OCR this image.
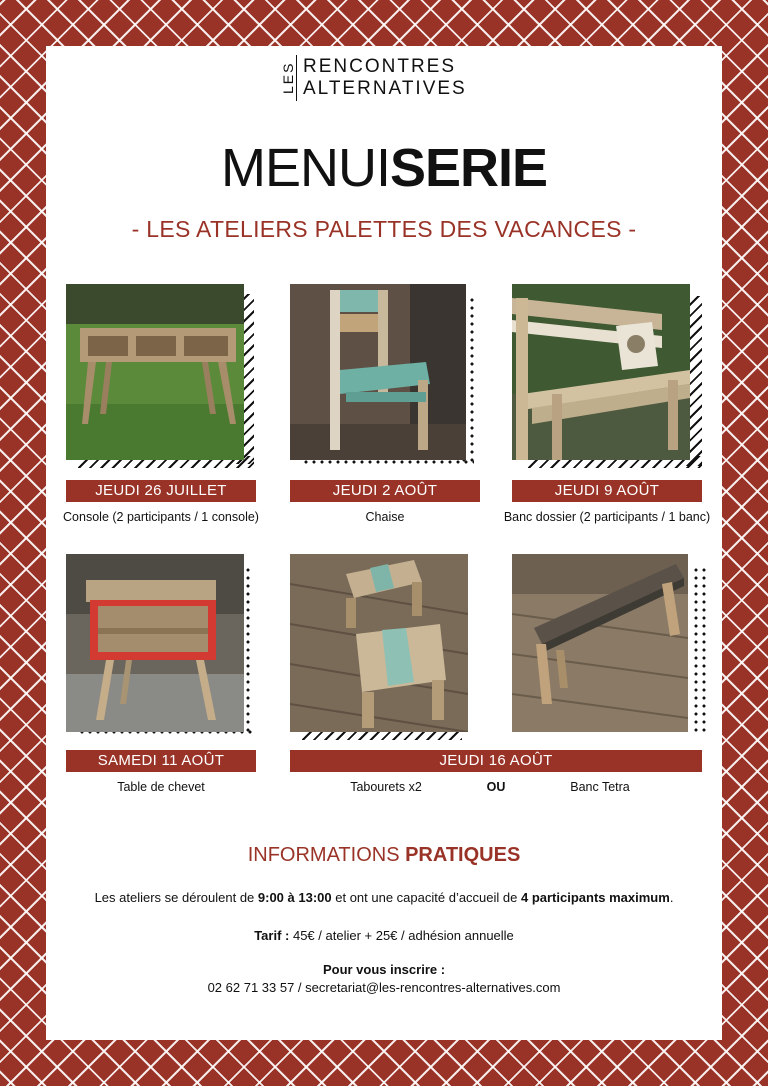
LES RENCONTRES
ALTERNATIVES
MENUISERIE
- LES ATELIERS PALETTES DES VACANCES -
JEUDI 26 JUILLET
Console (2 participants / 1 console)
JEUDI 2 AOÛT
Chaise
JEUDI 9 AOÛT
Banc dossier (2 participants / 1 banc)
SAMEDI 11 AOÛT
Table de chevet
JEUDI 16 AOÛT
Tabourets x2	OU	Banc Tetra
INFORMATIONS PRATIQUES
Les ateliers se déroulent de 9:00 à 13:00 et ont une capacité d’accueil de 4 participants maximum.
Tarif : 45€ / atelier + 25€ / adhésion annuelle
Pour vous inscrire :
02 62 71 33 57 / secretariat@les-rencontres-alternatives.com
